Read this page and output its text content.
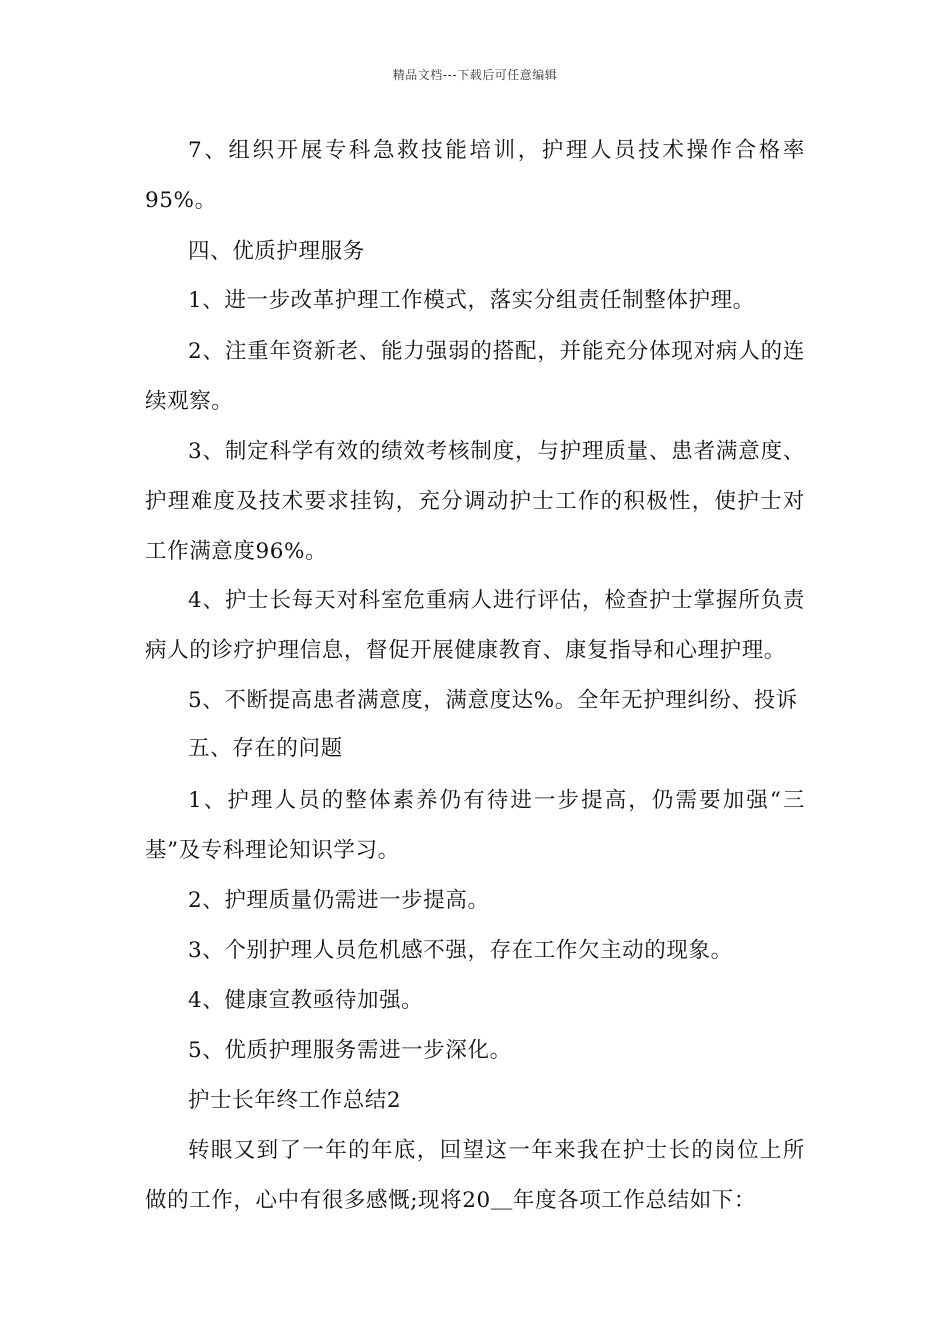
精品文档---下载后可任意编辑
7、组织开展专科急救技能培训，护理人员技术操作合格率
95%。
四、优质护理服务
1、进一步改革护理工作模式，落实分组责任制整体护理。
2、注重年资新老、能力强弱的搭配，并能充分体现对病人的连
续观察。
3、制定科学有效的绩效考核制度，与护理质量、患者满意度、
护理难度及技术要求挂钩，充分调动护士工作的积极性，使护士对
工作满意度96%。
4、护士长每天对科室危重病人进行评估，检查护士掌握所负责
病人的诊疗护理信息，督促开展健康教育、康复指导和心理护理。
5、不断提高患者满意度，满意度达%。全年无护理纠纷、投诉
五、存在的问题
1、护理人员的整体素养仍有待进一步提高，仍需要加强“三
基”及专科理论知识学习。
2、护理质量仍需进一步提高。
3、个别护理人员危机感不强，存在工作欠主动的现象。
4、健康宣教亟待加强。
5、优质护理服务需进一步深化。
护士长年终工作总结2
转眼又到了一年的年底，回望这一年来我在护士长的岗位上所
做的工作，心中有很多感慨;现将20＿年度各项工作总结如下：
